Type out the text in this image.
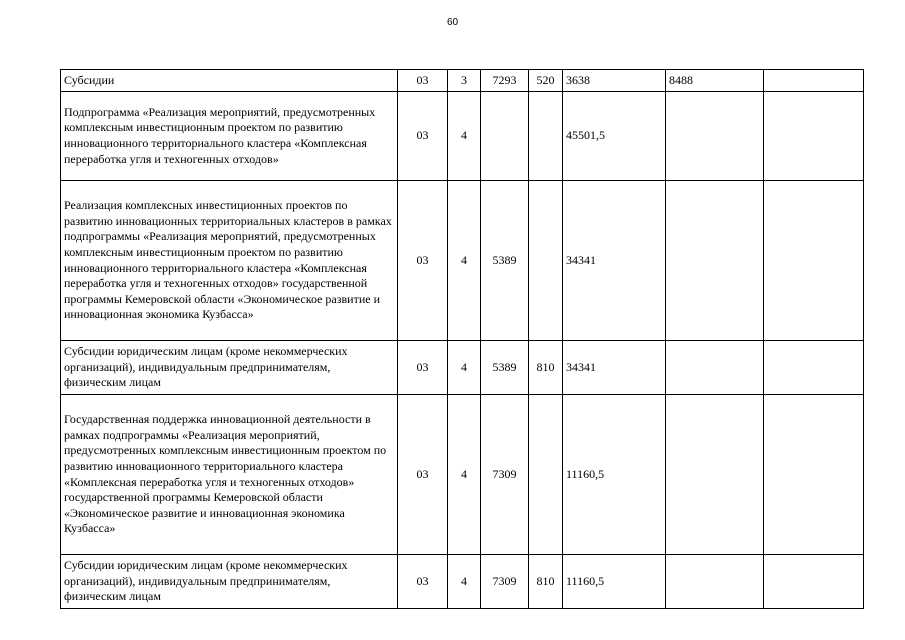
60
Субсидии	03	3	7293	520	3638	8488	
Подпрограмма «Реализация мероприятий, предусмотренных комплексным инвестиционным проектом по развитию инновационного территориального кластера «Комплексная переработка угля и техногенных отходов»	03	4			45501,5		
Реализация комплексных инвестиционных проектов по развитию инновационных территориальных кластеров в рамках подпрограммы «Реализация мероприятий, предусмотренных комплексным инвестиционным проектом по развитию инновационного территориального кластера «Комплексная переработка угля и техногенных отходов» государственной программы Кемеровской области «Экономическое развитие и инновационная экономика Кузбасса»	03	4	5389		34341		
Субсидии юридическим лицам (кроме некоммерческих организаций), индивидуальным предпринимателям, физическим лицам	03	4	5389	810	34341		
Государственная поддержка инновационной деятельности в рамках подпрограммы «Реализация мероприятий, предусмотренных комплексным инвестиционным проектом по развитию инновационного территориального кластера «Комплексная переработка угля и техногенных отходов» государственной программы Кемеровской области «Экономическое развитие и инновационная экономика Кузбасса»	03	4	7309		11160,5		
Субсидии юридическим лицам (кроме некоммерческих организаций), индивидуальным предпринимателям, физическим лицам	03	4	7309	810	11160,5		
